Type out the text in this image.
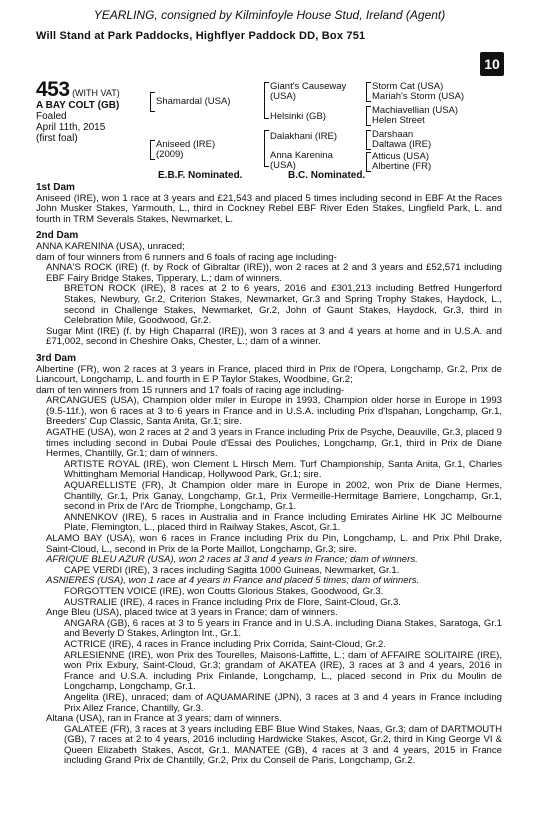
YEARLING, consigned by Kilminfoyle House Stud, Ireland (Agent)
Will Stand at Park Paddocks, Highflyer Paddock DD, Box 751
10
453 (WITH VAT)
A BAY COLT (GB)
Foaled
April 11th, 2015
(first foal)
Shamardal (USA)
Aniseed (IRE)
(2009)
Giant's Causeway
(USA)
Helsinki (GB)
Dalakhani (IRE)
Anna Karenina
(USA)
Storm Cat (USA)
Mariah's Storm (USA)
Machiavellian (USA)
Helen Street
Darshaan
Daltawa (IRE)
Atticus (USA)
Albertine (FR)
E.B.F. Nominated.	B.C. Nominated.

1st Dam

Aniseed (IRE), won 1 race at 3 years and £21,543 and placed 5 times including second in EBF At the Races John Musker Stakes, Yarmouth, L., third in Cockney Rebel EBF River Eden Stakes, Lingfield Park, L. and fourth in TRM Severals Stakes, Newmarket, L.

2nd Dam

ANNA KARENINA (USA), unraced;

dam of four winners from 6 runners and 6 foals of racing age including-

ANNA'S ROCK (IRE) (f. by Rock of Gibraltar (IRE)), won 2 races at 2 and 3 years and £52,571 including EBF Fairy Bridge Stakes, Tipperary, L.; dam of winners.

BRETON ROCK (IRE), 8 races at 2 to 6 years, 2016 and £301,213 including Betfred Hungerford Stakes, Newbury, Gr.2, Criterion Stakes, Newmarket, Gr.3 and Spring Trophy Stakes, Haydock, L., second in Challenge Stakes, Newmarket, Gr.2, John of Gaunt Stakes, Haydock, Gr.3, third in Celebration Mile, Goodwood, Gr.2.

Sugar Mint (IRE) (f. by High Chaparral (IRE)), won 3 races at 3 and 4 years at home and in U.S.A. and £71,002, second in Cheshire Oaks, Chester, L.; dam of a winner.

3rd Dam

Albertine (FR), won 2 races at 3 years in France, placed third in Prix de l'Opera, Longchamp, Gr.2, Prix de Liancourt, Longchamp, L. and fourth in E P Taylor Stakes, Woodbine, Gr.2;

dam of ten winners from 15 runners and 17 foals of racing age including-

ARCANGUES (USA), Champion older miler in Europe in 1993, Champion older horse in Europe in 1993 (9.5-11f.), won 6 races at 3 to 6 years in France and in U.S.A. including Prix d'Ispahan, Longchamp, Gr.1, Breeders' Cup Classic, Santa Anita, Gr.1; sire.

AGATHE (USA), won 2 races at 2 and 3 years in France including Prix de Psyche, Deauville, Gr.3, placed 9 times including second in Dubai Poule d'Essai des Pouliches, Longchamp, Gr.1, third in Prix de Diane Hermes, Chantilly, Gr.1; dam of winners.

ARTISTE ROYAL (IRE), won Clement L Hirsch Mem. Turf Championship, Santa Anita, Gr.1, Charles Whittingham Memorial Handicap, Hollywood Park, Gr.1; sire.

AQUARELLISTE (FR), Jt Champion older mare in Europe in 2002, won Prix de Diane Hermes, Chantilly, Gr.1, Prix Ganay, Longchamp, Gr.1, Prix Vermeille-Hermitage Barriere, Longchamp, Gr.1, second in Prix de l'Arc de Triomphe, Longchamp, Gr.1.

ANNENKOV (IRE), 5 races in Australia and in France including Emirates Airline HK JC Melbourne Plate, Flemington, L., placed third in Railway Stakes, Ascot, Gr.1.

ALAMO BAY (USA), won 6 races in France including Prix du Pin, Longchamp, L. and Prix Phil Drake, Saint-Cloud, L., second in Prix de la Porte Maillot, Longchamp, Gr.3; sire.

AFRIQUE BLEU AZUR (USA), won 2 races at 3 and 4 years in France; dam of winners.

CAPE VERDI (IRE), 3 races including Sagitta 1000 Guineas, Newmarket, Gr.1.

ASNIERES (USA), won 1 race at 4 years in France and placed 5 times; dam of winners.

FORGOTTEN VOICE (IRE), won Coutts Glorious Stakes, Goodwood, Gr.3.

AUSTRALIE (IRE), 4 races in France including Prix de Flore, Saint-Cloud, Gr.3.

Ange Bleu (USA), placed twice at 3 years in France; dam of winners.

ANGARA (GB), 6 races at 3 to 5 years in France and in U.S.A. including Diana Stakes, Saratoga, Gr.1 and Beverly D Stakes, Arlington Int., Gr.1.

ACTRICE (IRE), 4 races in France including Prix Corrida, Saint-Cloud, Gr.2.

ARLESIENNE (IRE), won Prix des Tourelles, Maisons-Laffitte, L.; dam of AFFAIRE SOLITAIRE (IRE), won Prix Exbury, Saint-Cloud, Gr.3; grandam of AKATEA (IRE), 3 races at 3 and 4 years, 2016 in France and U.S.A. including Prix Finlande, Longchamp, L., placed second in Prix du Moulin de Longchamp, Longchamp, Gr.1.

Angelita (IRE), unraced; dam of AQUAMARINE (JPN), 3 races at 3 and 4 years in France including Prix Allez France, Chantilly, Gr.3.

Altana (USA), ran in France at 3 years; dam of winners.

GALATEE (FR), 3 races at 3 years including EBF Blue Wind Stakes, Naas, Gr.3; dam of DARTMOUTH (GB), 7 races at 2 to 4 years, 2016 including Hardwicke Stakes, Ascot, Gr.2, third in King George VI & Queen Elizabeth Stakes, Ascot, Gr.1. MANATEE (GB), 4 races at 3 and 4 years, 2015 in France including Grand Prix de Chantilly, Gr.2, Prix du Conseil de Paris, Longchamp, Gr.2.
